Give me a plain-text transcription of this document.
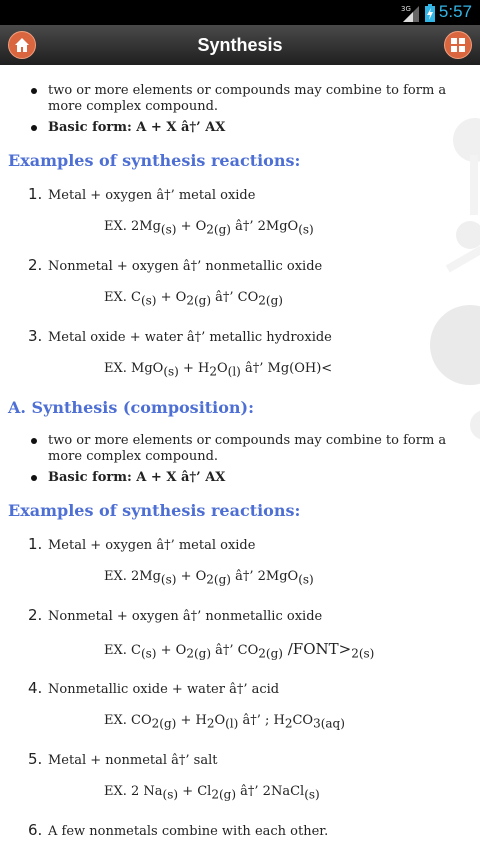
3G 5:57
Synthesis
two or more elements or compounds may combine to form a more complex compound.
Basic form: A + X â†’ AX
Examples of synthesis reactions:
1. Metal + oxygen â†’ metal oxide
EX. $2Mg_{(s)} + O_{2(g)}$ â†’ 2MgO$_{(s)}$
2. Nonmetal + oxygen â†’ nonmetallic oxide
EX. $C_{(s)} + O_{2(g)}$ â†’ $CO_{2(g)}$
3. Metal oxide + water â†’ metallic hydroxide
EX. $MgO_{(s)} + H_2O_{(l)}$ â†’ Mg(OH)<
A. Synthesis (composition):
two or more elements or compounds may combine to form a more complex compound.
Basic form: A + X â†’ AX
Examples of synthesis reactions:
1. Metal + oxygen â†’ metal oxide
EX. $2Mg_{(s)} + O_{2(g)}$ â†’ 2MgO$_{(s)}$
2. Nonmetal + oxygen â†’ nonmetallic oxide
EX. $C_{(s)} + O_{2(g)}$ â†’ $CO_{2(g)}$ $/FONT>_{2(s)}$
4. Nonmetallic oxide + water â†’ acid
EX. $CO_{2(g)} + H_2O_{(l)}$ â†’ ; $H_2CO_{3(aq)}$
5. Metal + nonmetal â†’ salt
EX. 2 $Na_{(s)} + Cl_{2(g)}$ â†’ 2NaCl$_{(s)}$
6. A few nonmetals combine with each other.
